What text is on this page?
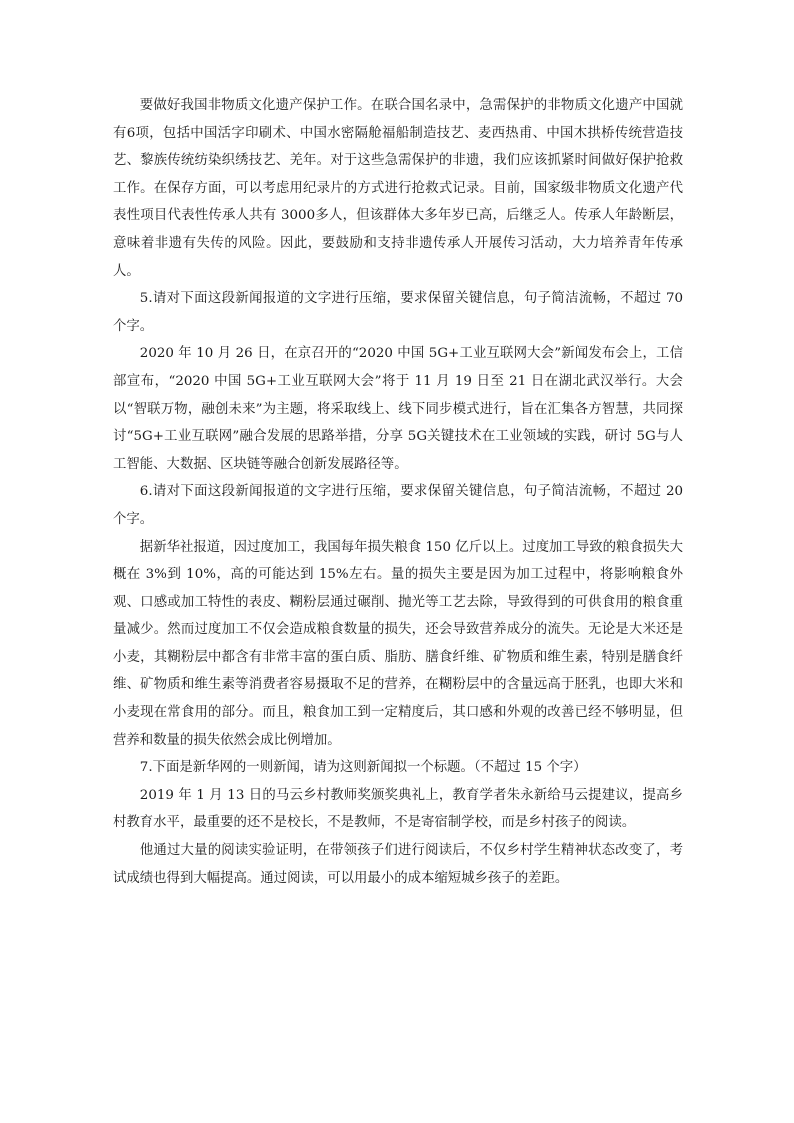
要做好我国非物质文化遗产保护工作。在联合国名录中，急需保护的非物质文化遗产中国就有6项，包括中国活字印刷术、中国水密隔舱福船制造技艺、麦西热甫、中国木拱桥传统营造技艺、黎族传统纺染织绣技艺、羌年。对于这些急需保护的非遗，我们应该抓紧时间做好保护抢救工作。在保存方面，可以考虑用纪录片的方式进行抢救式记录。目前，国家级非物质文化遗产代表性项目代表性传承人共有 3000多人，但该群体大多年岁已高，后继乏人。传承人年龄断层，意味着非遗有失传的风险。因此，要鼓励和支持非遗传承人开展传习活动，大力培养青年传承人。

5.请对下面这段新闻报道的文字进行压缩，要求保留关键信息，句子简洁流畅，不超过 70 个字。

2020 年 10 月 26 日，在京召开的“2020 中国 5G+工业互联网大会”新闻发布会上，工信部宣布，“2020 中国 5G+工业互联网大会”将于 11 月 19 日至 21 日在湖北武汉举行。大会以“智联万物，融创未来”为主题，将采取线上、线下同步模式进行，旨在汇集各方智慧，共同探讨“5G+工业互联网”融合发展的思路举措，分享 5G关键技术在工业领域的实践，研讨 5G与人工智能、大数据、区块链等融合创新发展路径等。

6.请对下面这段新闻报道的文字进行压缩，要求保留关键信息，句子简洁流畅，不超过 20 个字。

据新华社报道，因过度加工，我国每年损失粮食 150 亿斤以上。过度加工导致的粮食损失大概在 3%到 10%，高的可能达到 15%左右。量的损失主要是因为加工过程中，将影响粮食外观、口感或加工特性的表皮、糊粉层通过碾削、抛光等工艺去除，导致得到的可供食用的粮食重量减少。然而过度加工不仅会造成粮食数量的损失，还会导致营养成分的流失。无论是大米还是小麦，其糊粉层中都含有非常丰富的蛋白质、脂肪、膳食纤维、矿物质和维生素，特别是膳食纤维、矿物质和维生素等消费者容易摄取不足的营养，在糊粉层中的含量远高于胚乳，也即大米和小麦现在常食用的部分。而且，粮食加工到一定精度后，其口感和外观的改善已经不够明显，但营养和数量的损失依然会成比例增加。

7.下面是新华网的一则新闻，请为这则新闻拟一个标题。（不超过 15 个字）

2019 年 1 月 13 日的马云乡村教师奖颁奖典礼上，教育学者朱永新给马云提建议，提高乡村教育水平，最重要的还不是校长，不是教师，不是寄宿制学校，而是乡村孩子的阅读。

他通过大量的阅读实验证明，在带领孩子们进行阅读后，不仅乡村学生精神状态改变了，考试成绩也得到大幅提高。通过阅读，可以用最小的成本缩短城乡孩子的差距。
